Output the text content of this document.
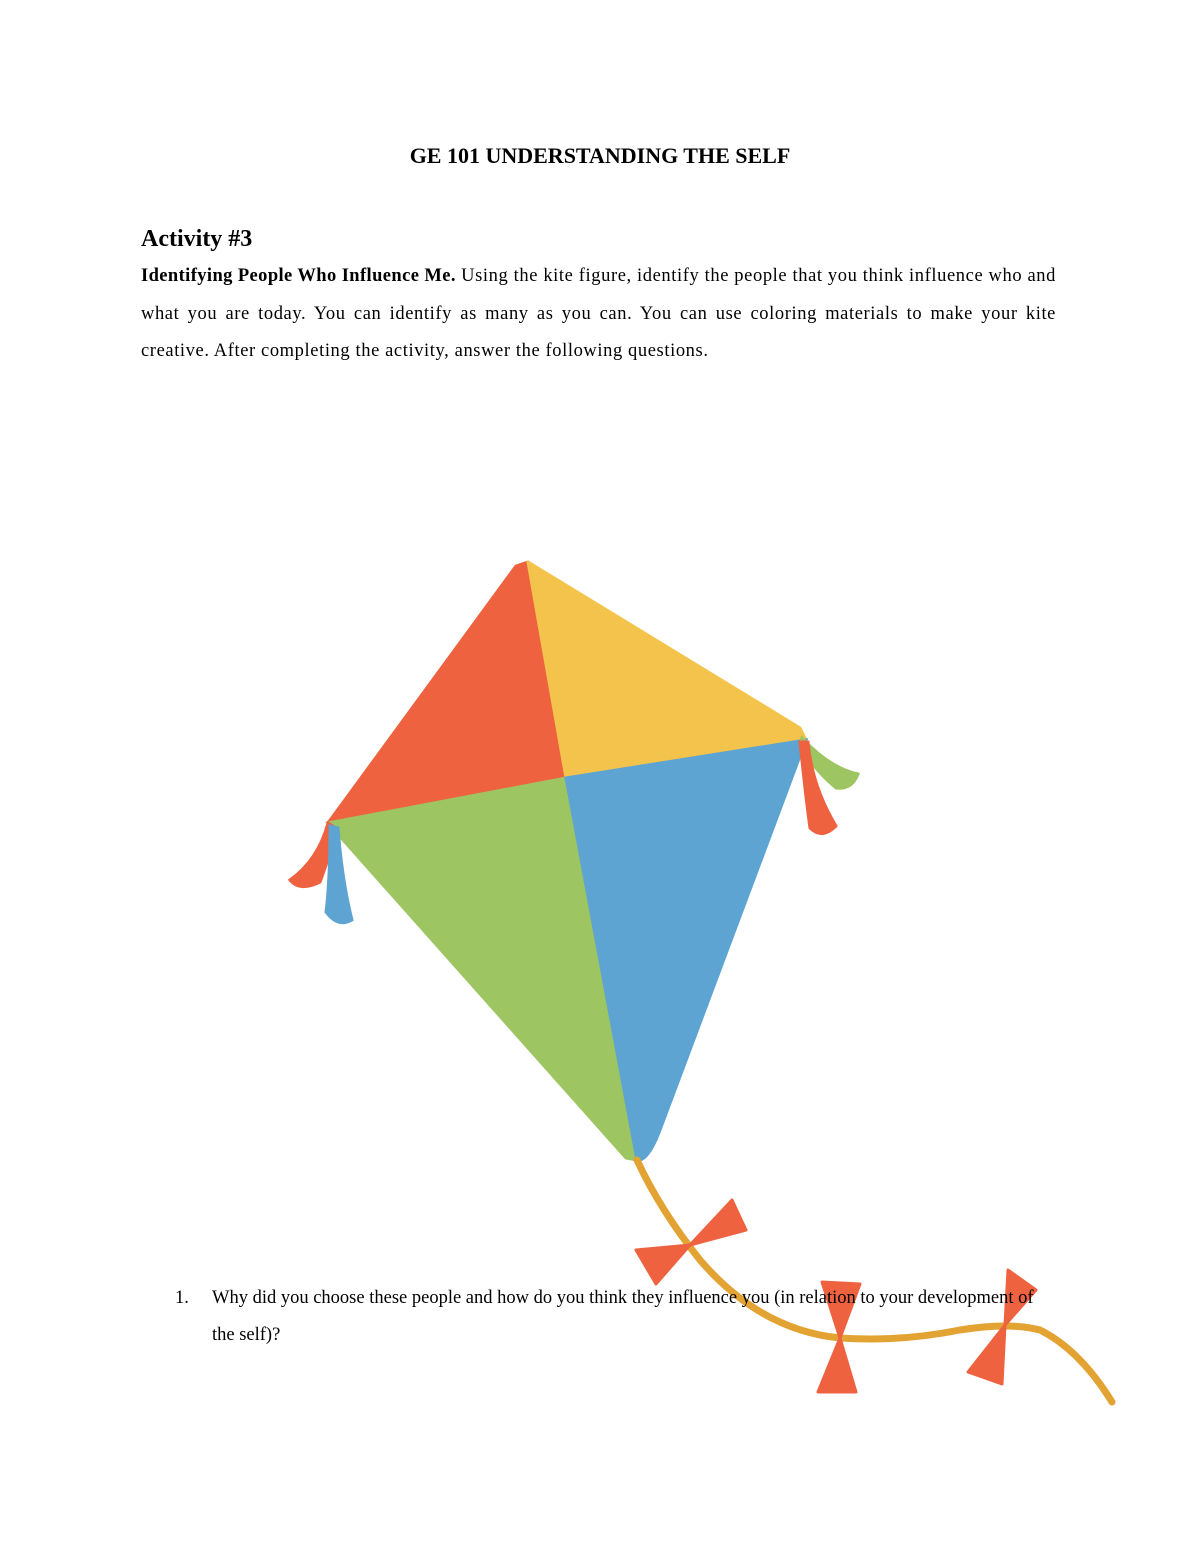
GE 101 UNDERSTANDING THE SELF
Activity #3

Identifying People Who Influence Me. Using the kite figure, identify the people that you think influence who and what you are today. You can identify as many as you can. You can use coloring materials to make your kite creative. After completing the activity, answer the following questions.

1. Why did you choose these people and how do you think they influence you (in relation to your development of the self)?
